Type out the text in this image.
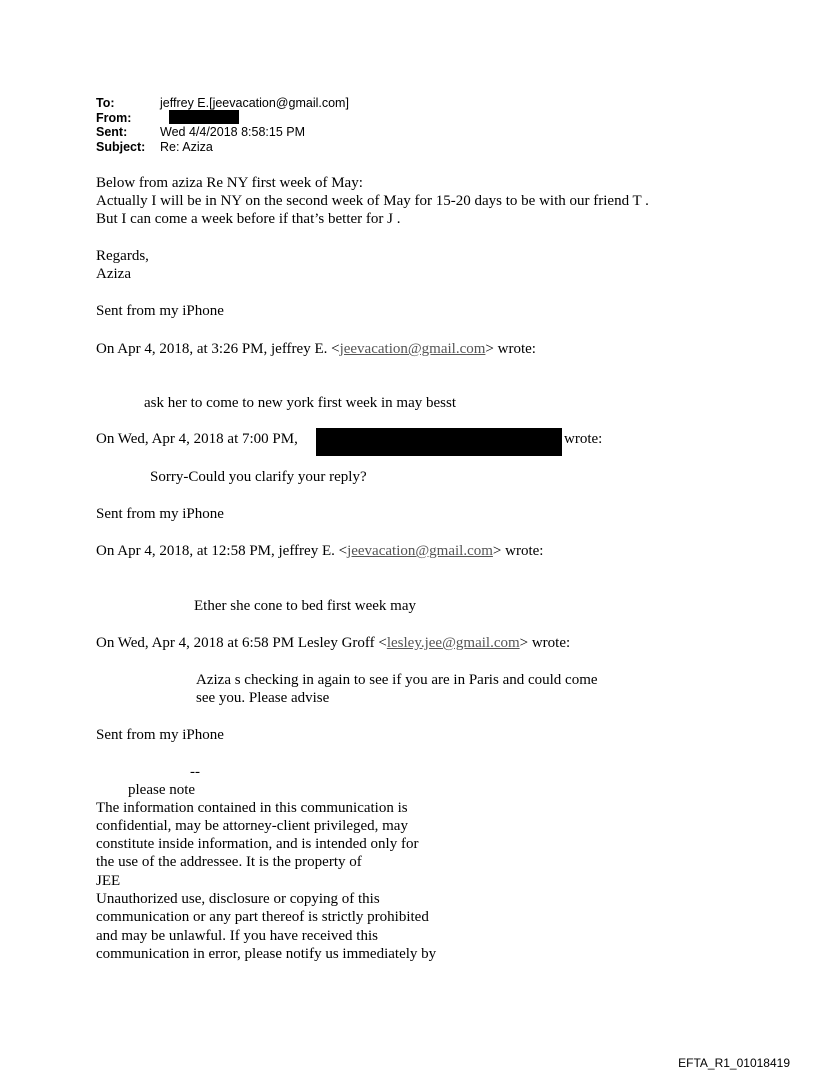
To:	jeffrey E.[jeevacation@gmail.com]
From:
Sent:	Wed 4/4/2018 8:58:15 PM
Subject: Re: Aziza
Below from aziza Re NY first week of May:
Actually I will be in NY on the second week of May for 15-20 days to be with our friend T .
But I can come a week before if that’s better for J .
Regards,
Aziza
Sent from my iPhone
On Apr 4, 2018, at 3:26 PM, jeffrey E. <jeevacation@gmail.com> wrote:
ask her to come to new york first week in may besst
On Wed, Apr 4, 2018 at 7:00 PM,	wrote:
Sorry-Could you clarify your reply?
Sent from my iPhone
On Apr 4, 2018, at 12:58 PM, jeffrey E. <jeevacation@gmail.com> wrote:
Ether she cone to bed first week may
On Wed, Apr 4, 2018 at 6:58 PM Lesley Groff <lesley.jee@gmail.com> wrote:
Aziza s checking in again to see if you are in Paris and could come
see you. Please advise
Sent from my iPhone
--
please note
The information contained in this communication is
confidential, may be attorney-client privileged, may
constitute inside information, and is intended only for
the use of the addressee. It is the property of
JEE
Unauthorized use, disclosure or copying of this
communication or any part thereof is strictly prohibited
and may be unlawful. If you have received this
communication in error, please notify us immediately by
EFTA_R1_01018419
